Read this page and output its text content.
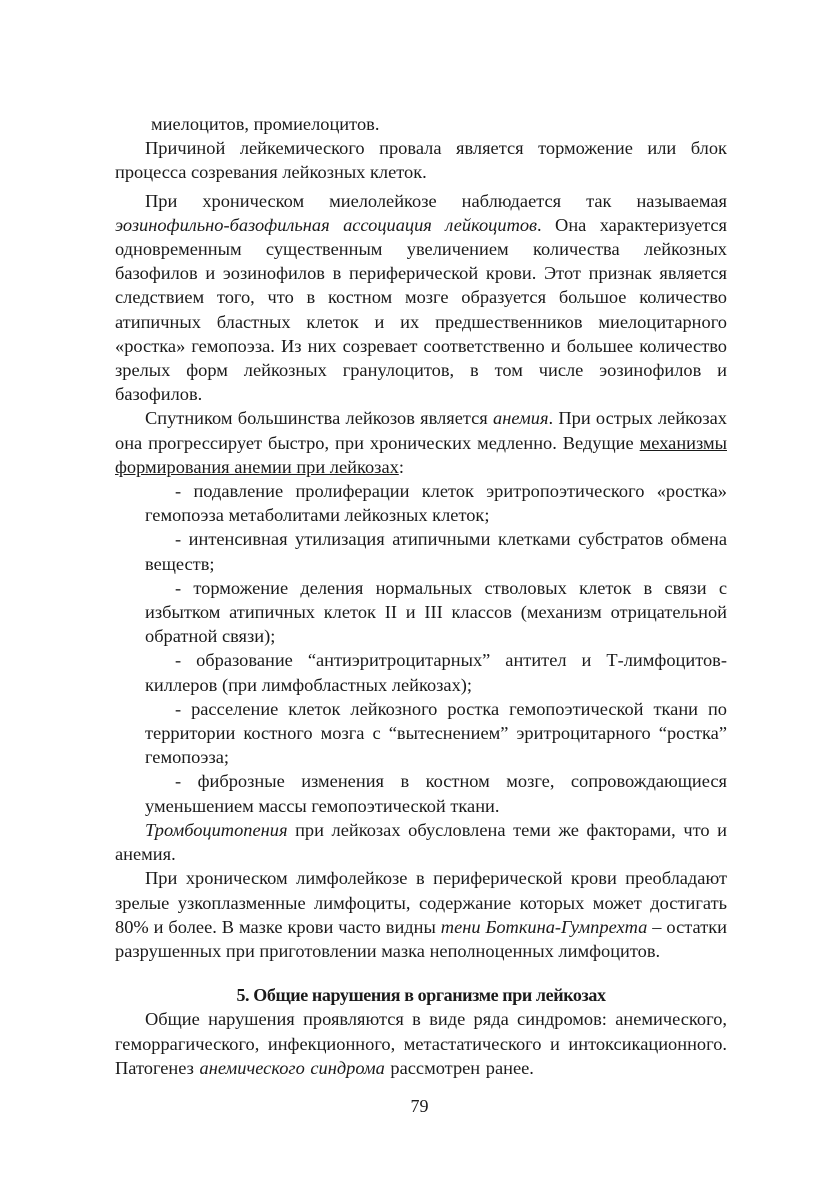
миелоцитов, промиелоцитов.

Причиной лейкемического провала является торможение или блок процесса созревания лейкозных клеток.

При хроническом миелолейкозе наблюдается так называемая эозинофильно-базофильная ассоциация лейкоцитов. Она характеризуется одновременным существенным увеличением количества лейкозных базофилов и эозинофилов в периферической крови. Этот признак является следствием того, что в костном мозге образуется большое количество атипичных бластных клеток и их предшественников миелоцитарного «ростка» гемопоэза. Из них созревает соответственно и большее количество зрелых форм лейкозных гранулоцитов, в том числе эозинофилов и базофилов.

Спутником большинства лейкозов является анемия. При острых лейкозах она прогрессирует быстро, при хронических медленно. Ведущие механизмы формирования анемии при лейкозах:

- подавление пролиферации клеток эритропоэтического «ростка» гемопоэза метаболитами лейкозных клеток;

- интенсивная утилизация атипичными клетками субстратов обмена веществ;

- торможение деления нормальных стволовых клеток в связи с избытком атипичных клеток II и III классов (механизм отрицательной обратной связи);

- образование “антиэритроцитарных” антител и Т-лимфоцитов-киллеров (при лимфобластных лейкозах);

- расселение клеток лейкозного ростка гемопоэтической ткани по территории костного мозга с “вытеснением” эритроцитарного “ростка” гемопоэза;

- фиброзные изменения в костном мозге, сопровождающиеся уменьшением массы гемопоэтической ткани.

Тромбоцитопения при лейкозах обусловлена теми же факторами, что и анемия.

При хроническом лимфолейкозе в периферической крови преобладают зрелые узкоплазменные лимфоциты, содержание которых может достигать 80% и более. В мазке крови часто видны тени Боткина-Гумпрехта – остатки разрушенных при приготовлении мазка неполноценных лимфоцитов.

5. Общие нарушения в организме при лейкозах

Общие нарушения проявляются в виде ряда синдромов: анемического, геморрагического, инфекционного, метастатического и интоксикационного. Патогенез анемического синдрома рассмотрен ранее.

79
